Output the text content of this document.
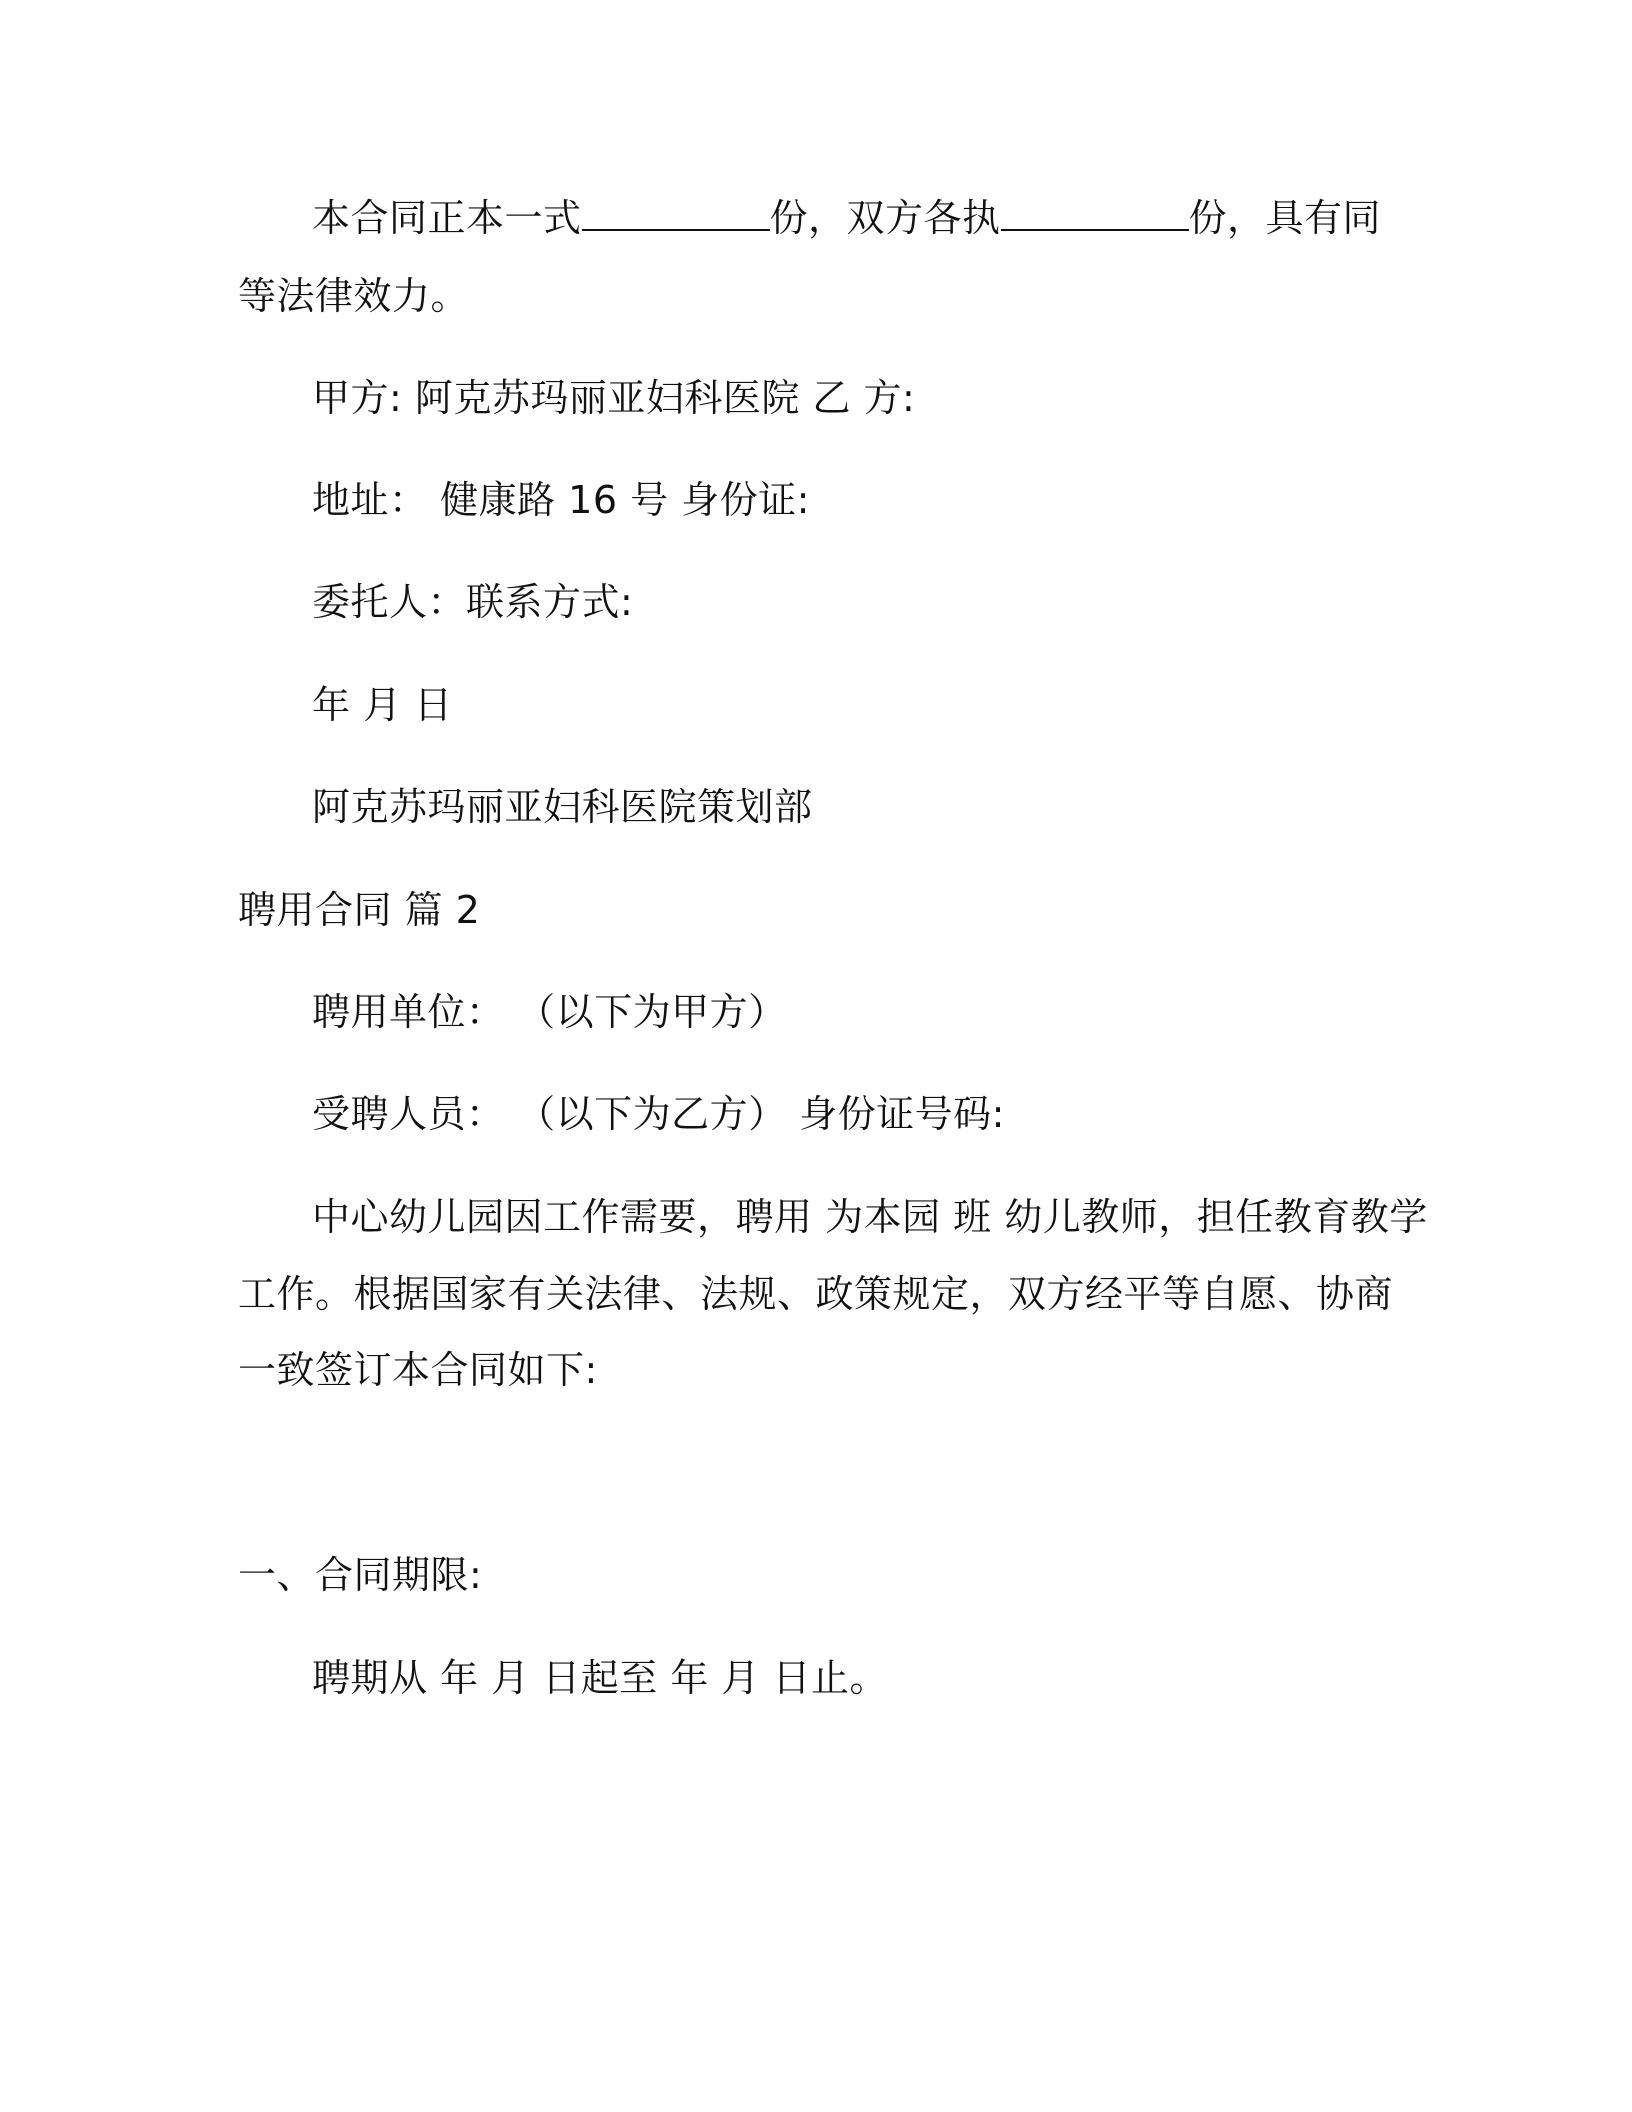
本合同正本一式	份，双方各执	份，具有同
等法律效力。
甲方: 阿克苏玛丽亚妇科医院 乙 方:
地址： 健康路 16 号 身份证:
委托人：联系方式:
年 月 日
阿克苏玛丽亚妇科医院策划部
聘用合同 篇 2
聘用单位： （以下为甲方）
受聘人员： （以下为乙方） 身份证号码:
中心幼儿园因工作需要，聘用 为本园 班 幼儿教师，担任教育教学
工作。根据国家有关法律、法规、政策规定，双方经平等自愿、协商
一致签订本合同如下:
一、合同期限:
聘期从 年 月 日起至 年 月 日止。
